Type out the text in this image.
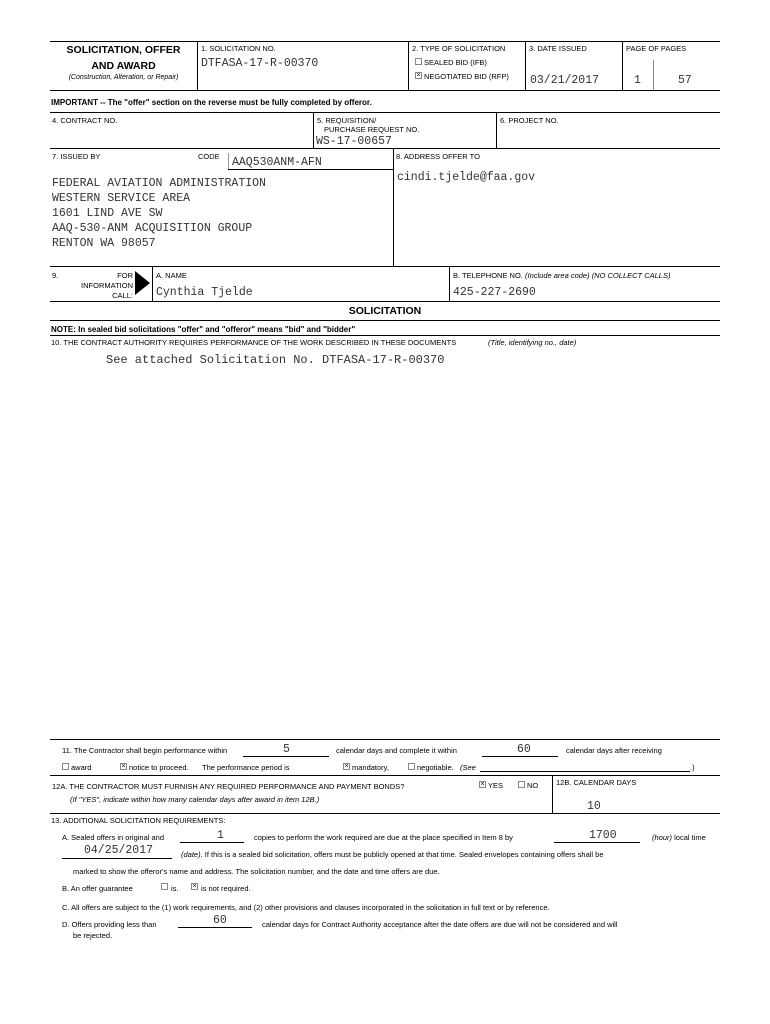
SOLICITATION, OFFER
AND AWARD
(Construction, Alteration, or Repair)
1. SOLICITATION NO.
DTFASA-17-R-00370
2. TYPE OF SOLICITATION
SEALED BID (IFB)
× NEGOTIATED BID (RFP)
3. DATE ISSUED
03/21/2017
PAGE OF PAGES
1	57
IMPORTANT -- The "offer" section on the reverse must be fully completed by offeror.
4. CONTRACT NO.	5. REQUISITION/
PURCHASE REQUEST NO.
WS-17-00657
6. PROJECT NO.
7. ISSUED BY	CODE AAQ530ANM-AFN	8. ADDRESS OFFER TO
cindi.tjelde@faa.gov
FEDERAL AVIATION ADMINISTRATION
WESTERN SERVICE AREA
1601 LIND AVE SW
AAQ-530-ANM ACQUISITION GROUP
RENTON WA 98057
9.	FOR
INFORMATION
CALL:
A. NAME
Cynthia Tjelde
B. TELEPHONE NO. (Include area code) (NO COLLECT CALLS)
425-227-2690
SOLICITATION
NOTE: In sealed bid solicitations "offer" and "offeror" means "bid" and "bidder"
10. THE CONTRACT AUTHORITY REQUIRES PERFORMANCE OF THE WORK DESCRIBED IN THESE DOCUMENTS	(Title, identifying no., date)
See attached Solicitation No. DTFASA-17-R-00370
11. The Contractor shall begin performance within	5	calendar days and complete it within	60	calendar days after receiving
award	× notice to proceed. The performance period is	× mandatory,	negotiable. (See	.)
12A. THE CONTRACTOR MUST FURNISH ANY REQUIRED PERFORMANCE AND PAYMENT BONDS?	× YES	NO
(If "YES", indicate within how many calendar days after award in item 12B.)
12B. CALENDAR DAYS
10
13. ADDITIONAL SOLICITATION REQUIREMENTS:
A. Sealed offers in original and	1	copies to perform the work required are due at the place specified in Item 8 by	1700	(hour) local time
04/25/2017	(date). If this is a sealed bid solicitation, offers must be publicly opened at that time. Sealed envelopes containing offers shall be
marked to show the offeror's name and address. The solicitation number, and the date and time offers are due.
B. An offer guarantee	is. × is not required.
C. All offers are subject to the (1) work requirements, and (2) other provisions and clauses incorporated in the solicitation in full text or by reference.
D. Offers providing less than	60	calendar days for Contract Authority acceptance after the date offers are due will not be considered and will
be rejected.
